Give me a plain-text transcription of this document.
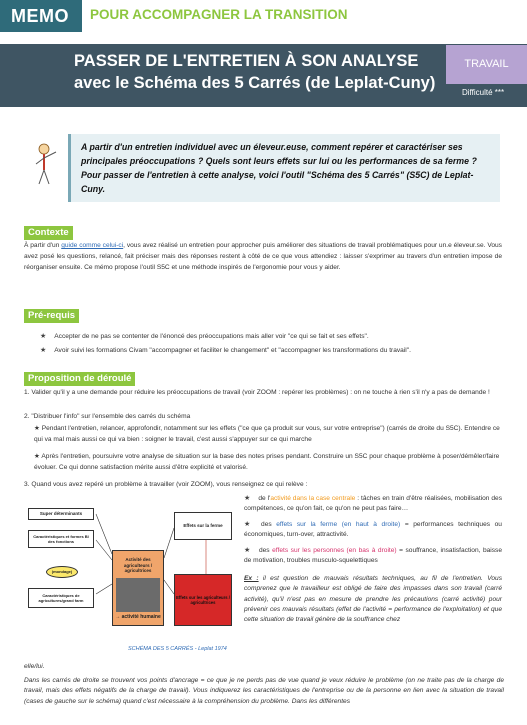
MEMO	POUR ACCOMPAGNER LA TRANSITION
PASSER DE L'ENTRETIEN À SON ANALYSE
avec le Schéma des 5 Carrés (de Leplat-Cuny)
TRAVAIL
Difficulté ***

A partir d'un entretien individuel avec un éleveur.euse, comment repérer et caractériser ses principales préoccupations ? Quels sont leurs effets sur lui ou les performances de sa ferme ? Pour passer de l'entretien à cette analyse, voici l'outil "Schéma des 5 Carrés" (S5C) de Leplat-Cuny.

Contexte
À partir d'un guide comme celui-ci, vous avez réalisé un entretien pour approcher puis améliorer des situations de travail problématiques pour un.e éleveur.se. Vous avez posé les questions, relancé, fait préciser mais des réponses restent à côté de ce que vous attendiez : laisser s'exprimer au travers d'un entretien impose de réorganiser ensuite. Ce mémo propose l'outil S5C et une méthode inspirés de l'ergonomie pour vous y aider.
Pré-requis
★ Accepter de ne pas se contenter de l'énoncé des préoccupations mais aller voir "ce qui se fait et ses effets".
★ Avoir suivi les formations Civam "accompagner et faciliter le changement" et "accompagner les transformations du travail".
Proposition de déroulé
1. Valider qu'il y a une demande pour réduire les préoccupations de travail (voir ZOOM : repérer les problèmes) : on ne touche à rien s'il n'y a pas de demande !
2. "Distribuer l'info" sur l'ensemble des carrés du schéma
★ Pendant l'entretien, relancer, approfondir, notamment sur les effets ("ce que ça produit sur vous, sur votre entreprise") (carrés de droite du S5C). Entendre ce qui va mal mais aussi ce qui va bien : soigner le travail, c'est aussi s'appuyer sur ce qui marche
★ Après l'entretien, poursuivre votre analyse de situation sur la base des notes prises pendant. Construire un S5C pour chaque problème à poser/démêler/faire évoluer. Ce qui donne satisfaction mérite aussi d'être explicité et valorisé.
3. Quand vous avez repéré un problème à travailler (voir ZOOM), vous renseignez ce qui relève :
Super déterminants
Caractéristiques et formes Bl des fonctions
(mondage)
Caractéristiques de agricultures/grand farm
Activité des agriculteurs / agricultrices
→ activité humaine
Effets sur la ferme
Effets sur les agriculteurs / agricultrices
SCHÉMA DES 5 CARRÉS - Leplat 1974
★ de l'activité dans la case centrale : tâches en train d'être réalisées, mobilisation des compétences, ce qu'on fait, ce qu'on ne peut pas faire…
★ des effets sur la ferme (en haut à droite) = performances techniques ou économiques, turn-over, attractivité.
★ des effets sur les personnes (en bas à droite) = souffrance, insatisfaction, baisse de motivation, troubles musculo-squelettiques
Ex : il est question de mauvais résultats techniques, au fil de l'entretien. Vous comprenez que le travailleur est obligé de faire des impasses dans son travail (carré activité), qu'il n'est pas en mesure de prendre les précautions (carré activité) pour prévenir ces mauvais résultats (effet de l'activité = performance de l'exploitation) et que cette situation de travail génère de la souffrance chez
elle/lui.
Dans les carrés de droite se trouvent vos points d'ancrage = ce que je ne perds pas de vue quand je veux réduire le problème (on ne traite pas de la charge de travail, mais des effets négatifs de la charge de travail). Vous indiquerez les caractéristiques de l'entreprise ou de la personne en lien avec la situation de travail (cases de gauche sur le schéma) quand c'est nécessaire à la compréhension du problème. Dans les différentes
